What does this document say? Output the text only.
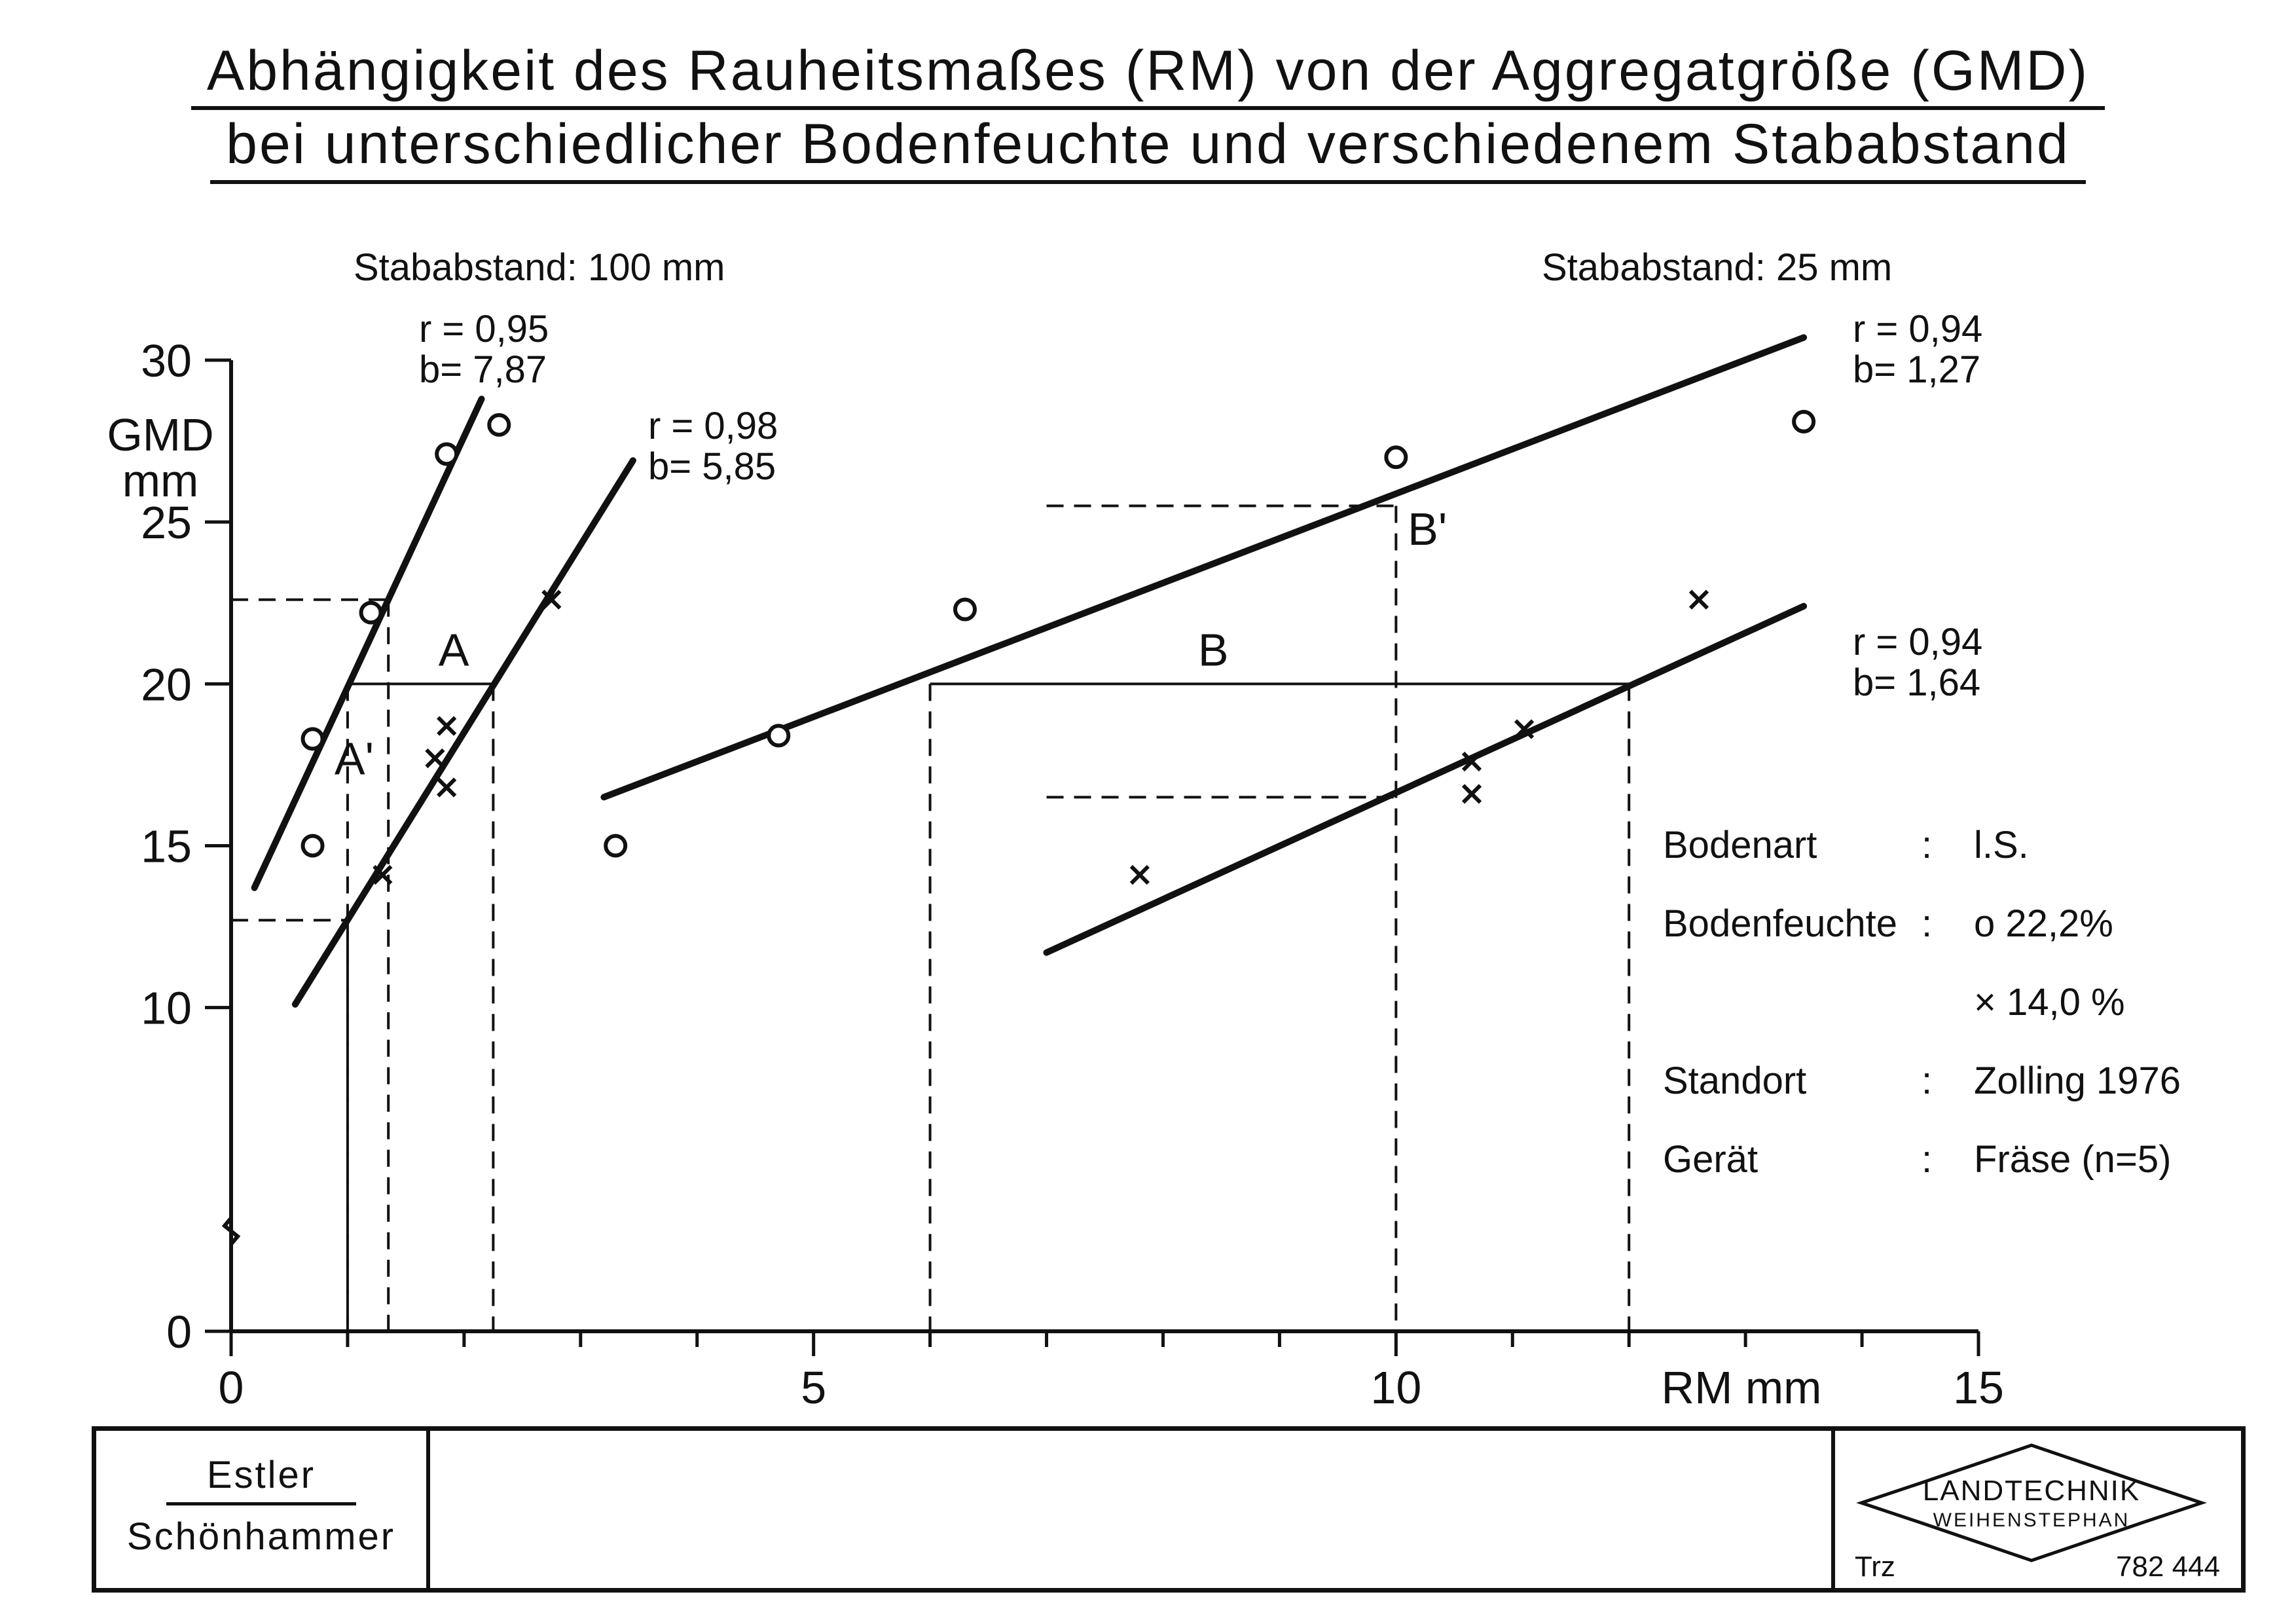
Abhängigkeit des Rauheitsmaßes (RM) von der Aggregatgröße (GMD)
bei unterschiedlicher Bodenfeuchte und verschiedenem Stababstand
0	5	10	15
0
10
15
20
25
30
RM mm
GMD
mm
A	B
A'
B'
Stababstand: 100 mm	Stababstand: 25 mm
r = 0,95
b= 7,87
r = 0,98
b= 5,85
r = 0,94
b= 1,27
r = 0,94
b= 1,64
Bodenart	: l.S.
Bodenfeuchte : o 22,2%
× 14,0 %
Standort	: Zolling 1976
Gerät	: Fräse (n=5)
Estler
Schönhammer
LANDTECHNIK
WEIHENSTEPHAN
Trz	782 444
